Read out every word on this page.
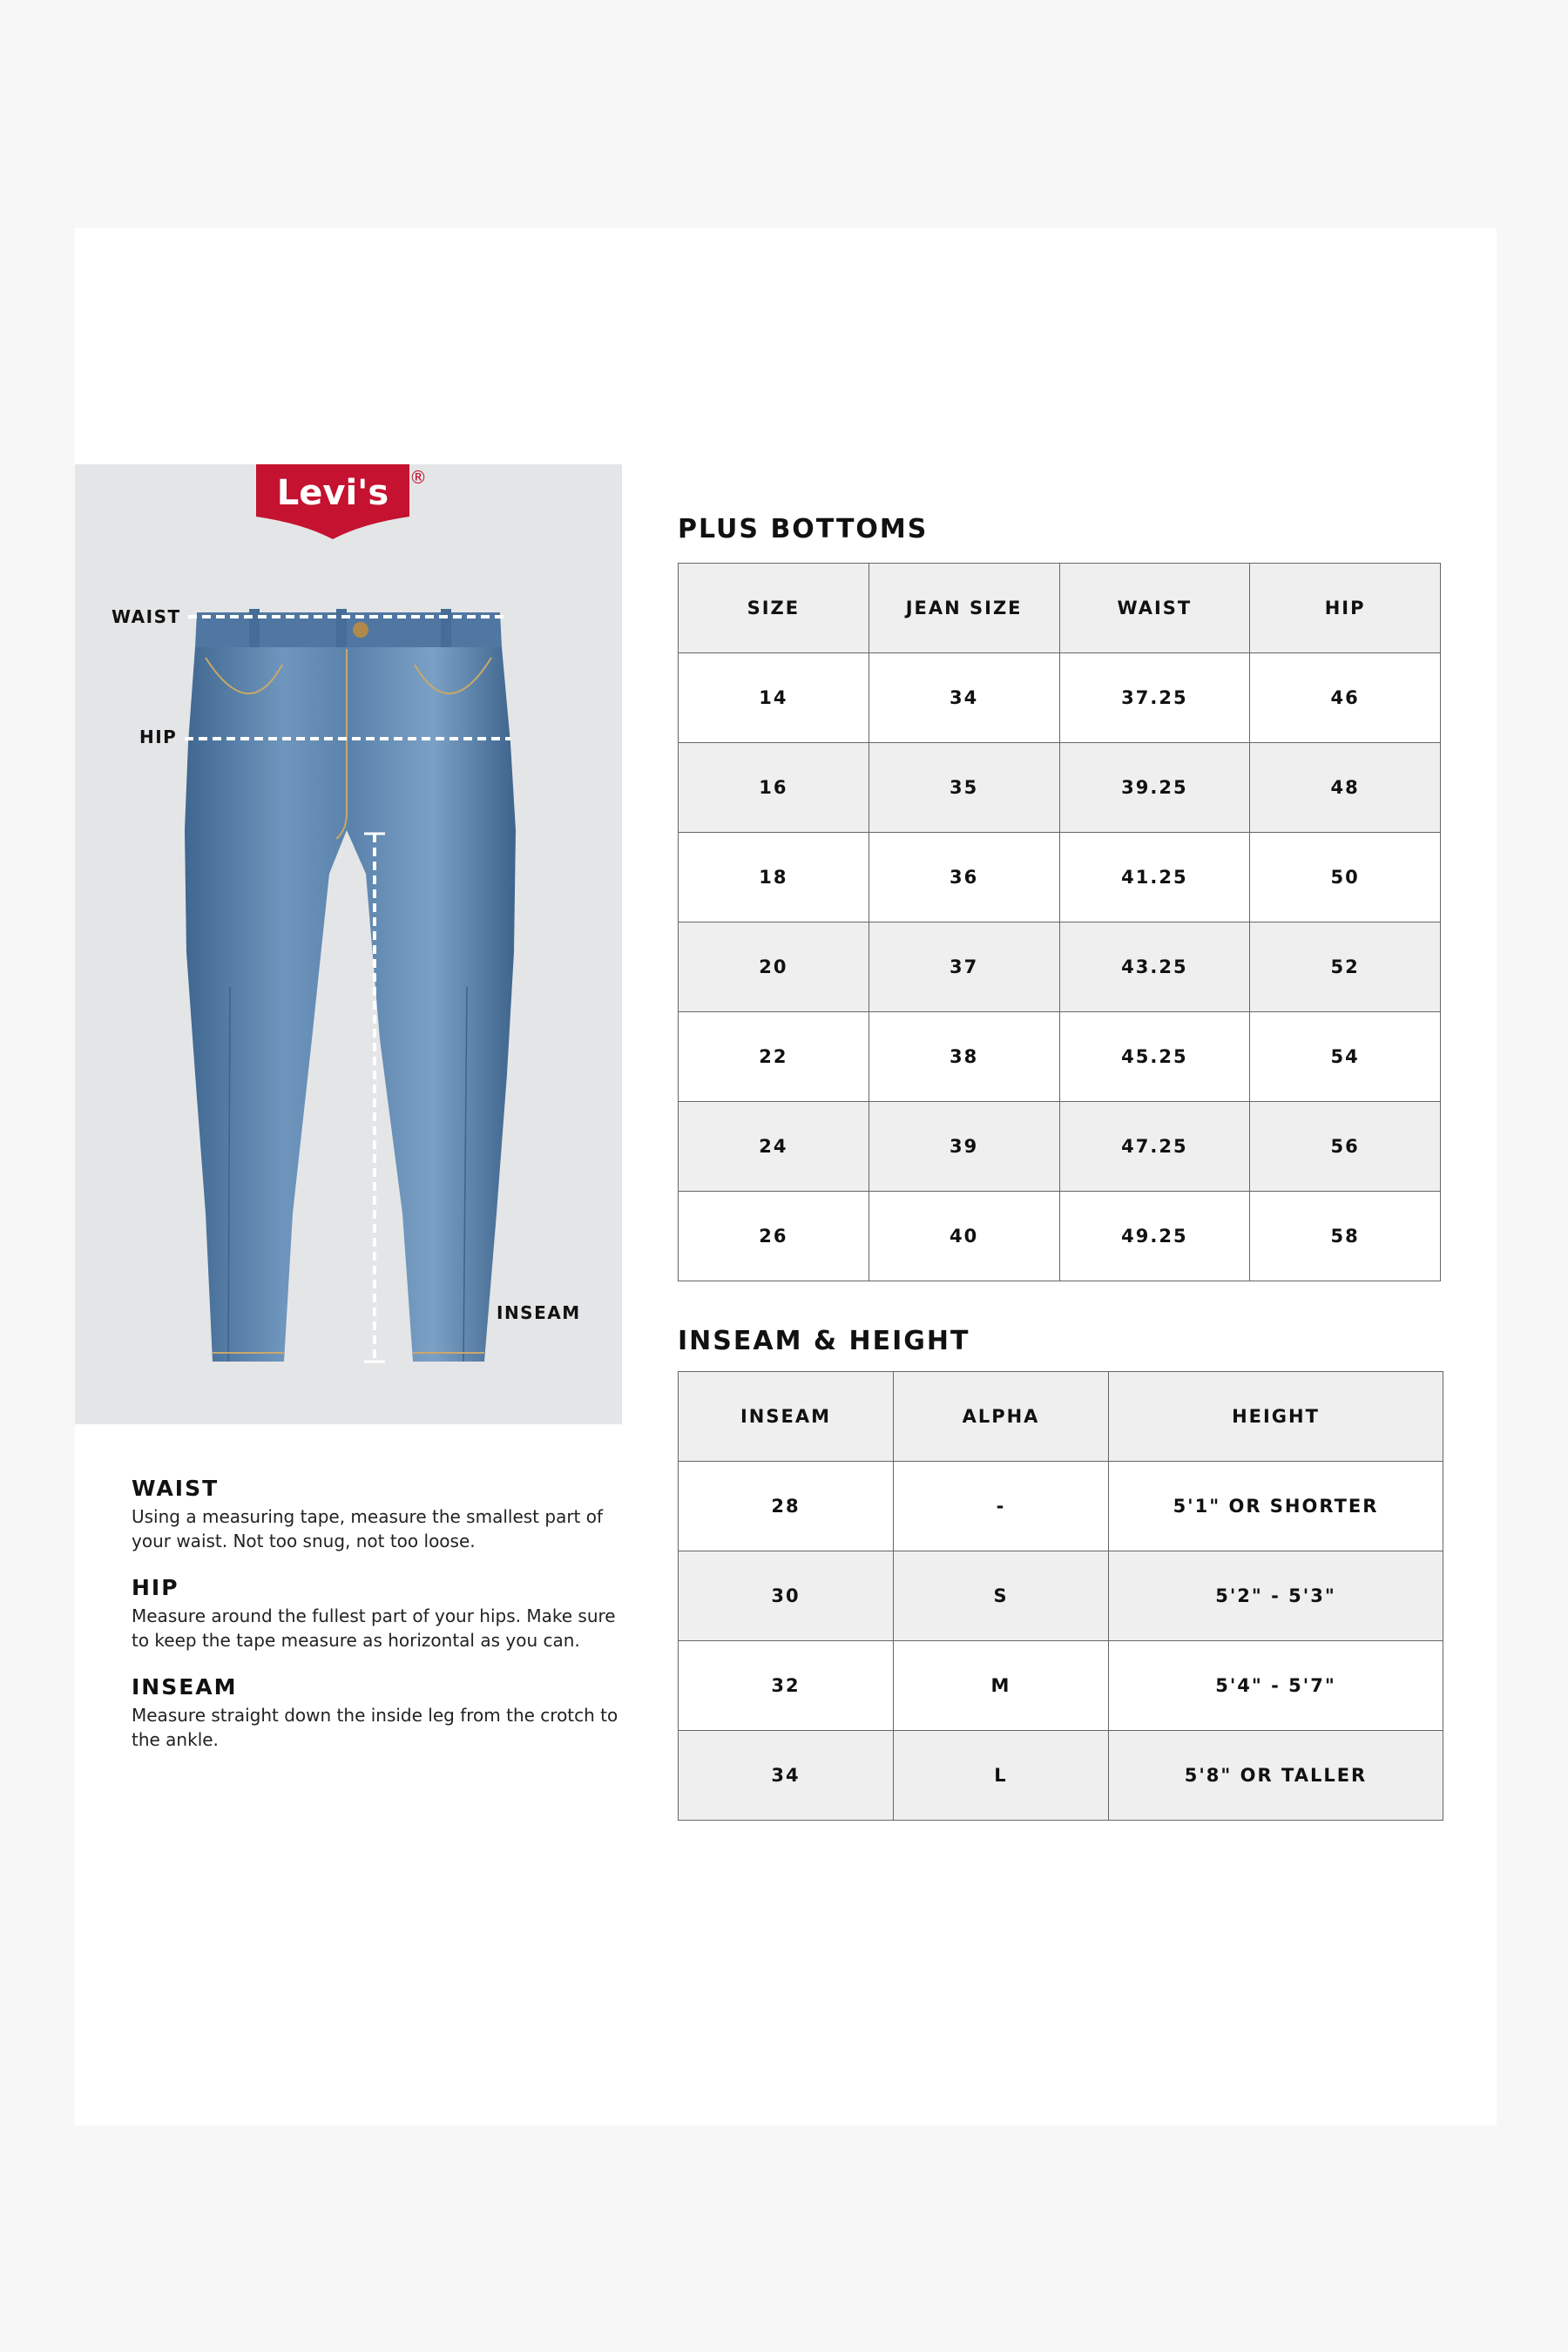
Levi's ®
WAIST
HIP
INSEAM
WAIST

Using a measuring tape, measure the smallest part of your waist. Not too snug, not too loose.

HIP

Measure around the fullest part of your hips. Make sure to keep the tape measure as horizontal as you can.

INSEAM

Measure straight down the inside leg from the crotch to the ankle.

PLUS BOTTOMS
SIZE	JEAN SIZE	WAIST	HIP
14	34	37.25	46
16	35	39.25	48
18	36	41.25	50
20	37	43.25	52
22	38	45.25	54
24	39	47.25	56
26	40	49.25	58
INSEAM & HEIGHT
INSEAM	ALPHA	HEIGHT
28	-	5'1" OR SHORTER
30	S	5'2" - 5'3"
32	M	5'4" - 5'7"
34	L	5'8" OR TALLER
